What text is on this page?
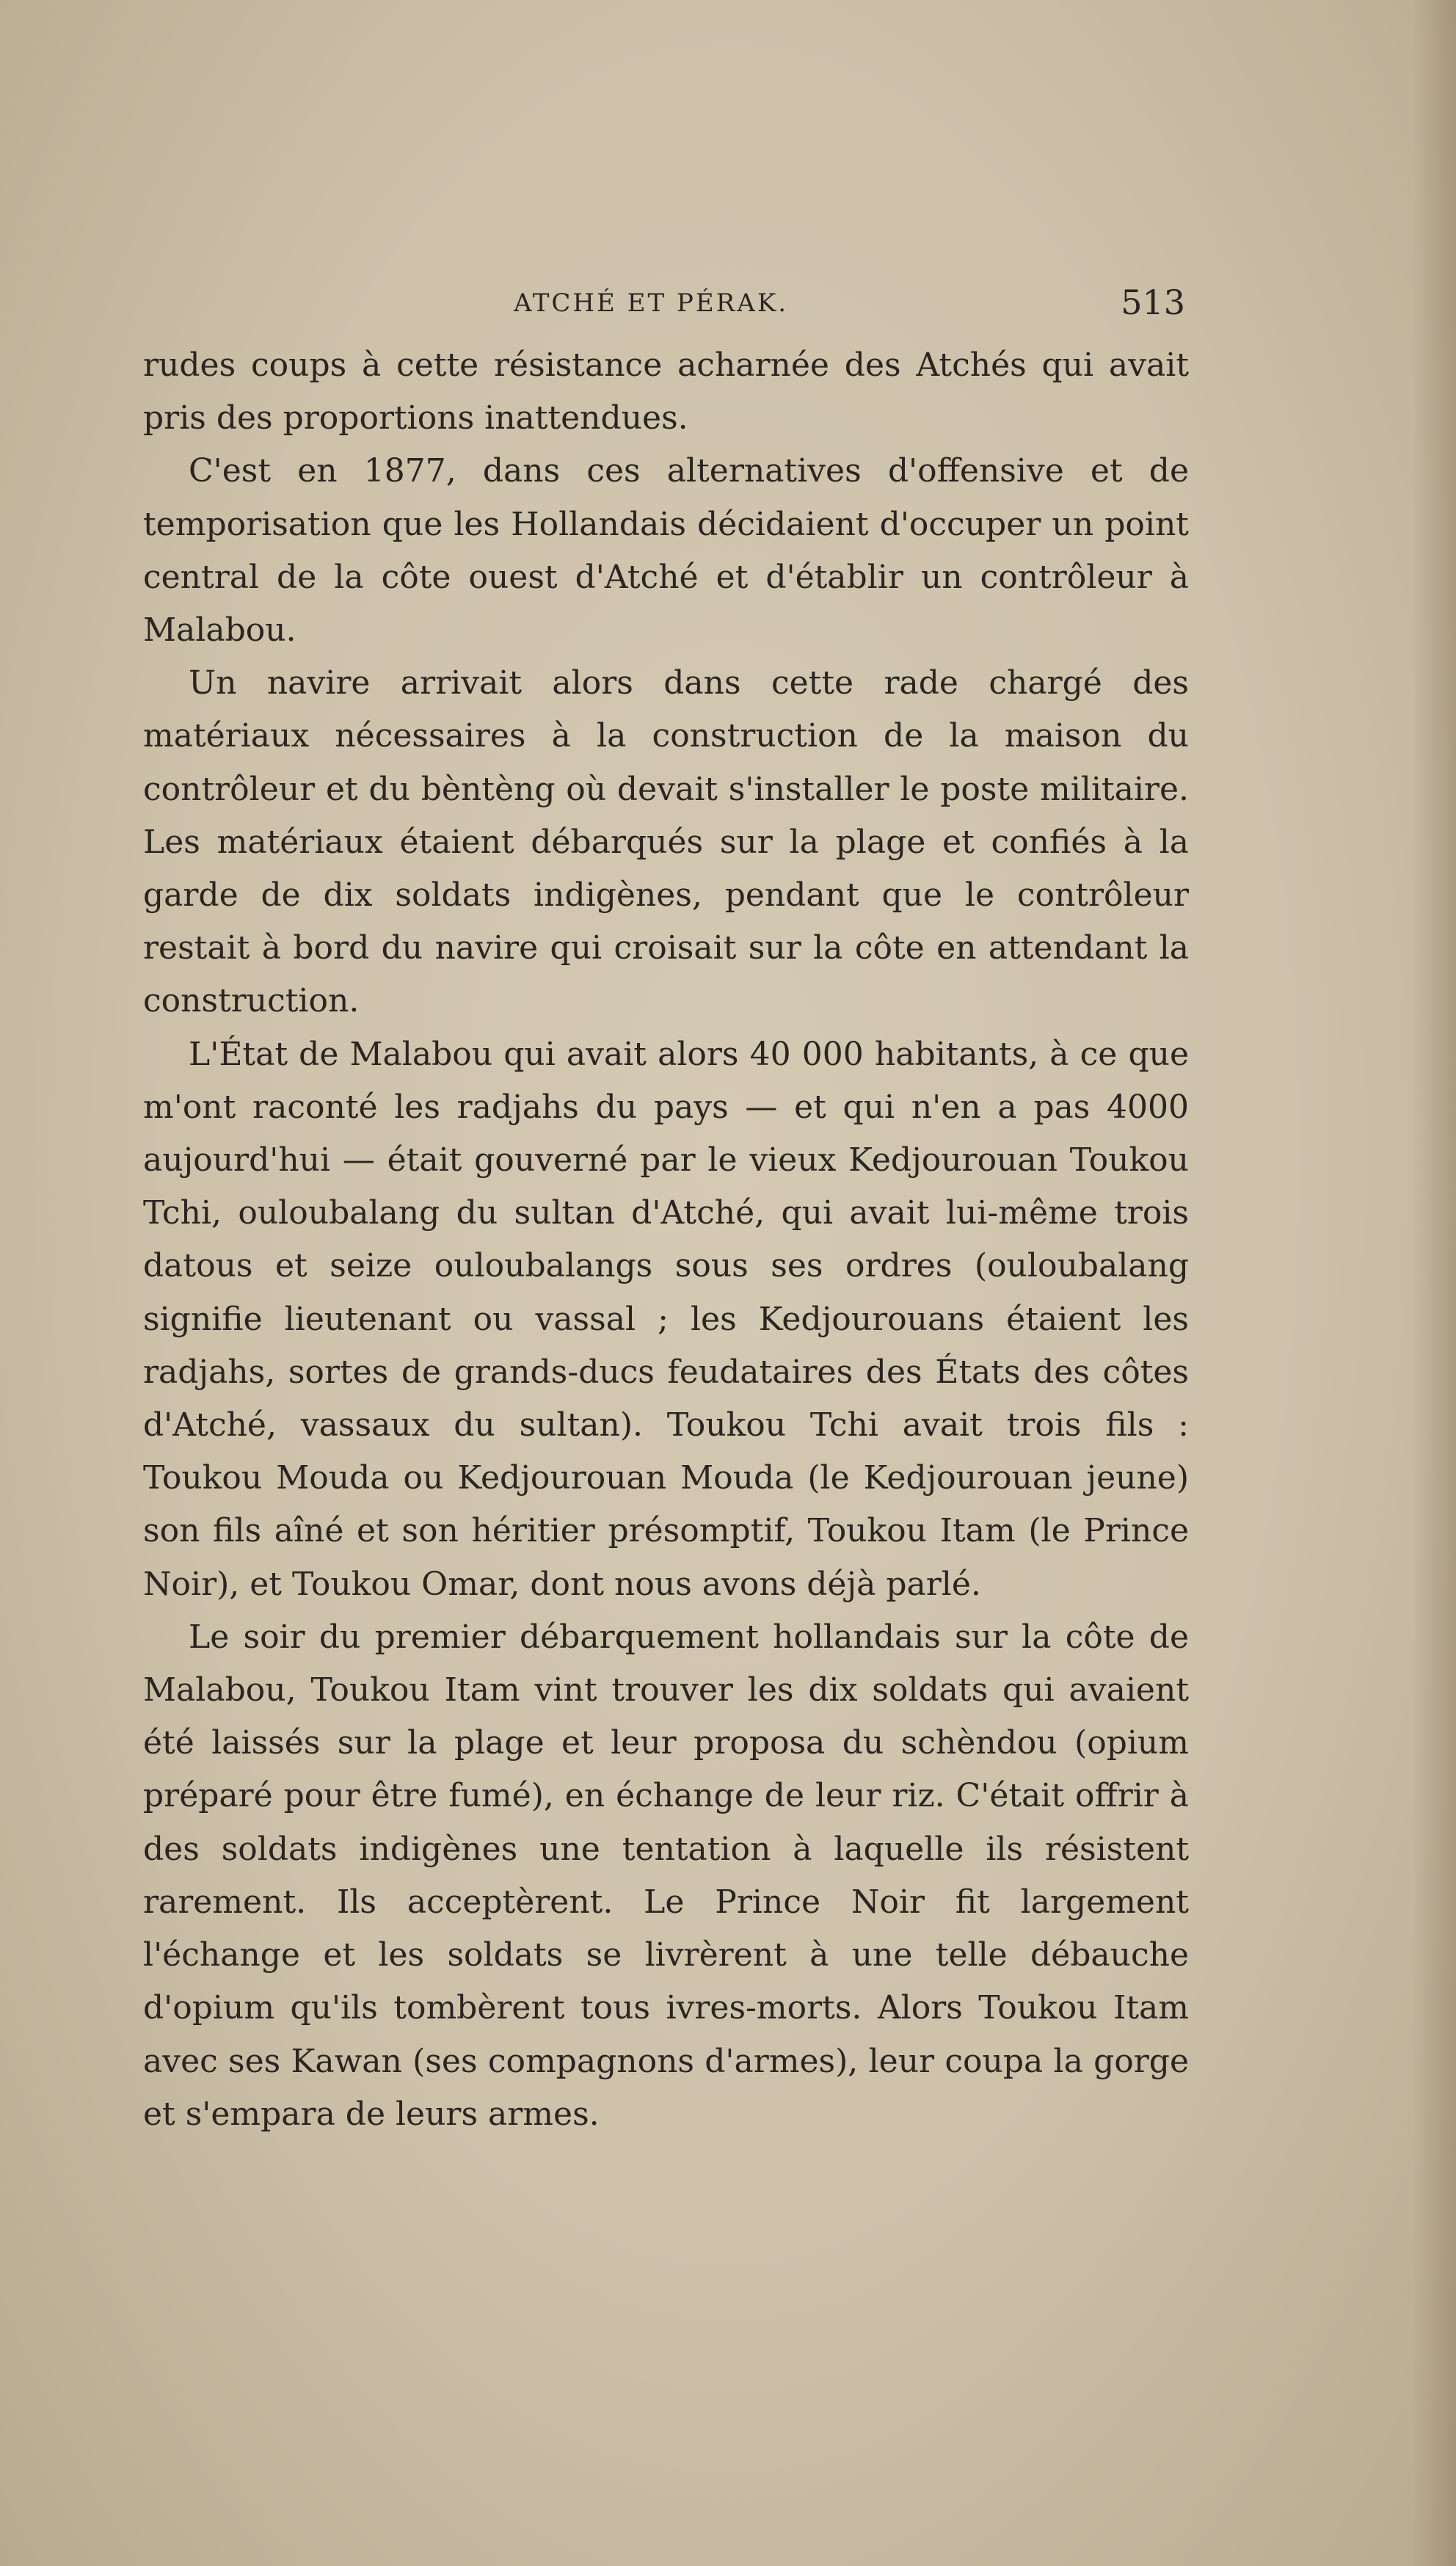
ATCHÉ ET PÉRAK.	513

rudes coups à cette résistance acharnée des Atchés qui avait pris des proportions inattendues.

C'est en 1877, dans ces alternatives d'offensive et de temporisation que les Hollandais décidaient d'occuper un point central de la côte ouest d'Atché et d'établir un contrôleur à Malabou.

Un navire arrivait alors dans cette rade chargé des matériaux nécessaires à la construction de la maison du contrôleur et du bèntèng où devait s'installer le poste militaire. Les matériaux étaient débarqués sur la plage et confiés à la garde de dix soldats indigènes, pendant que le contrôleur restait à bord du navire qui croisait sur la côte en attendant la construction.

L'État de Malabou qui avait alors 40 000 habitants, à ce que m'ont raconté les radjahs du pays — et qui n'en a pas 4000 aujourd'hui — était gouverné par le vieux Kedjourouan Toukou Tchi, ouloubalang du sultan d'Atché, qui avait lui-même trois datous et seize ouloubalangs sous ses ordres (ouloubalang signifie lieutenant ou vassal ; les Kedjourouans étaient les radjahs, sortes de grands-ducs feudataires des États des côtes d'Atché, vassaux du sultan). Toukou Tchi avait trois fils : Toukou Mouda ou Kedjourouan Mouda (le Kedjourouan jeune) son fils aîné et son héritier présomptif, Toukou Itam (le Prince Noir), et Toukou Omar, dont nous avons déjà parlé.

Le soir du premier débarquement hollandais sur la côte de Malabou, Toukou Itam vint trouver les dix soldats qui avaient été laissés sur la plage et leur proposa du schèndou (opium préparé pour être fumé), en échange de leur riz. C'était offrir à des soldats indigènes une tentation à laquelle ils résistent rarement. Ils acceptèrent. Le Prince Noir fit largement l'échange et les soldats se livrèrent à une telle débauche d'opium qu'ils tombèrent tous ivres-morts. Alors Toukou Itam avec ses Kawan (ses compagnons d'armes), leur coupa la gorge et s'empara de leurs armes.
